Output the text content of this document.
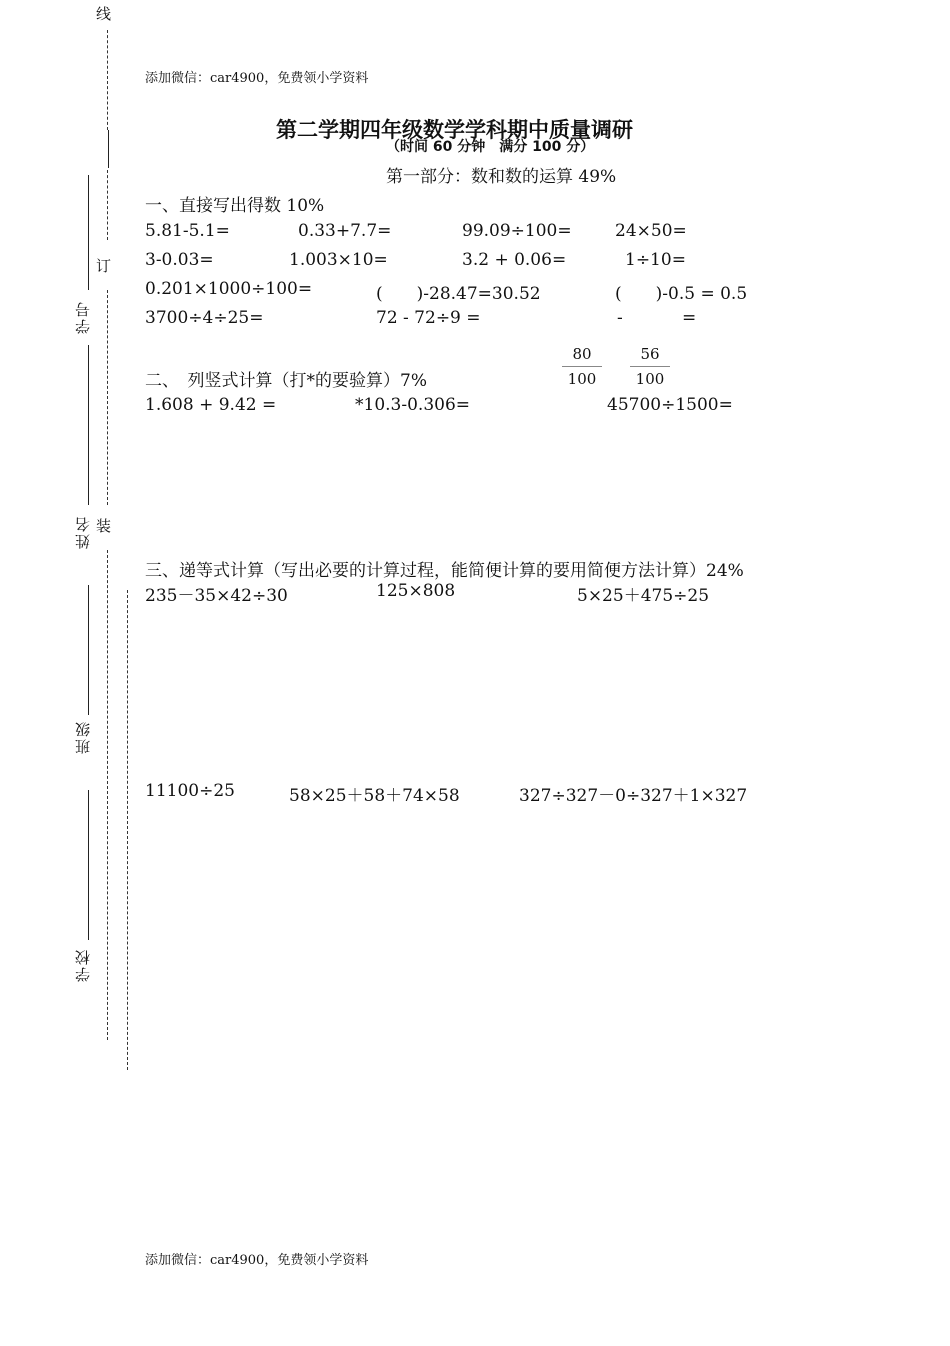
线
订
装
学号
姓名
班级
学校
添加微信：car4900，免费领小学资料
第二学期四年级数学学科期中质量调研
（时间 60 分钟　满分 100 分）
第一部分：数和数的运算 49%
一、直接写出得数 10%
5.81-5.1=	0.33+7.7=	99.09÷100=	24×50=
3-0.03=	1.003×10=	3.2 + 0.06=	1÷10=
0.201×1000÷100=	(　　)-28.47=30.52	(　　)-0.5 = 0.5
3700÷4÷25=	72 - 72÷9 =	-	=
80
100
56
100
二、　列竖式计算（打*的要验算）7%
1.608 + 9.42 =	*10.3-0.306=	45700÷1500=
三、递等式计算（写出必要的计算过程，能简便计算的要用简便方法计算）24%
235－35×42÷30	125×808	5×25＋475÷25
11100÷25	58×25＋58＋74×58	327÷327－0÷327＋1×327
添加微信：car4900，免费领小学资料
